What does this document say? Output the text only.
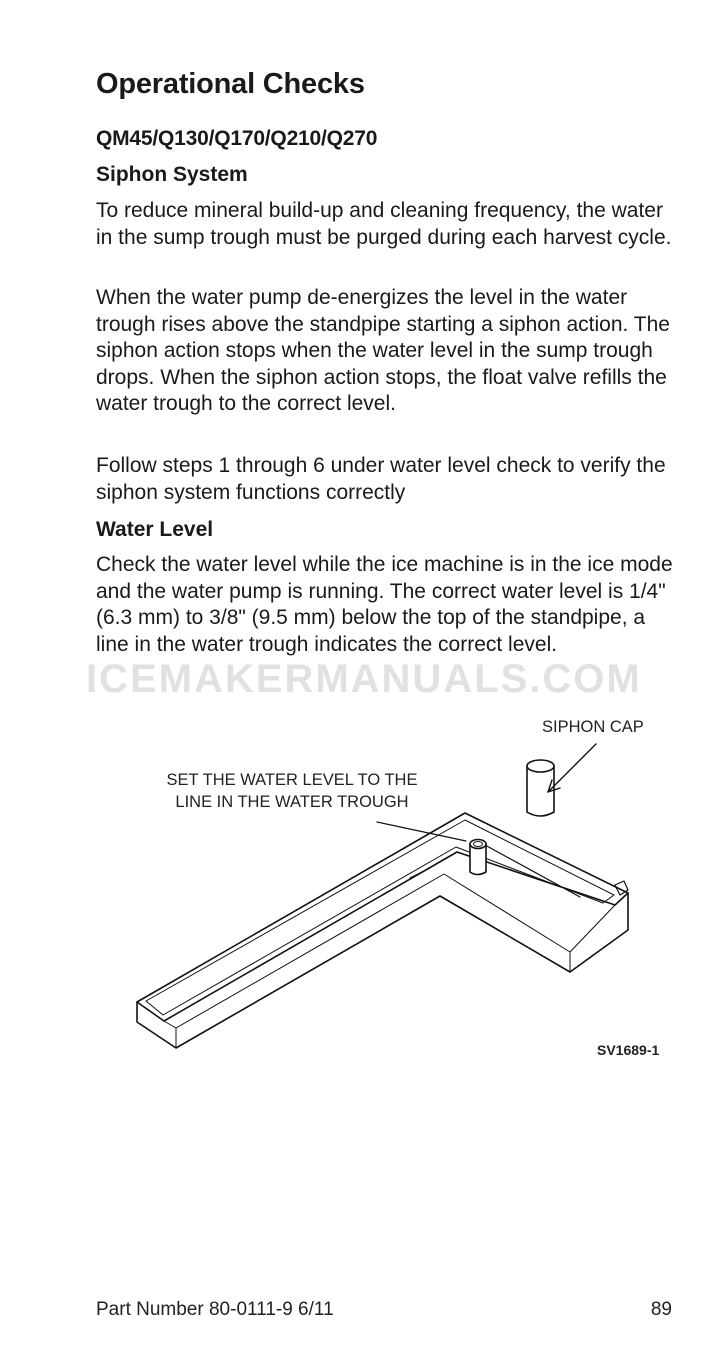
Operational Checks
QM45/Q130/Q170/Q210/Q270
Siphon System

To reduce mineral build-up and cleaning frequency, the water in the sump trough must be purged during each harvest cycle.

When the water pump de-energizes the level in the water trough rises above the standpipe starting a siphon action. The siphon action stops when the water level in the sump trough drops. When the siphon action stops, the float valve refills the water trough to the correct level.

Follow steps 1 through 6 under water level check to verify the siphon system functions correctly

Water Level

Check the water level while the ice machine is in the ice mode and the water pump is running. The correct water level is 1/4" (6.3 mm) to 3/8" (9.5 mm) below the top of the standpipe, a line in the water trough indicates the correct level.

ICEMAKERMANUALS.COM
SIPHON CAP
SET THE WATER LEVEL TO THE LINE IN THE WATER TROUGH
SV1689-1
Part Number 80-0111-9 6/11	89
